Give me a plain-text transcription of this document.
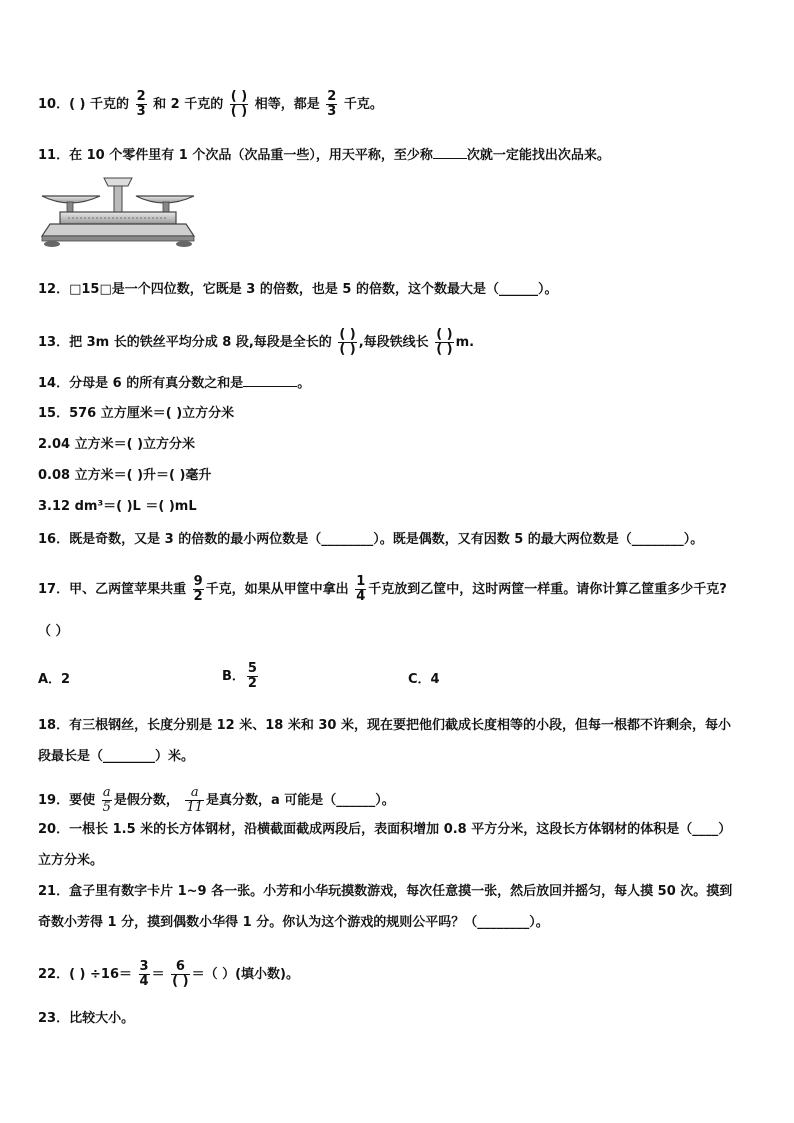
10．( ) 千克的 $\frac{2}{3}$ 和 2 千克的 $\frac{( )}{( )}$ 相等，都是 $\frac{2}{3}$ 千克。
11．在 10 个零件里有 1 个次品（次品重一些），用天平称，至少称	次就一定能找出次品来。
12．□15□是一个四位数，它既是 3 的倍数，也是 5 的倍数，这个数最大是（______）。
13．把 3m 长的铁丝平均分成 8 段,每段是全长的 $\frac{( )}{( )}$ ,每段铁线长 $\frac{( )}{( )} m$.
14．分母是 6 的所有真分数之和是	。
15．576 立方厘米＝( )立方分米
2.04 立方米＝( )立方分米
0.08 立方米＝( )升＝( )毫升
3.12 dm³＝( )L ＝( )mL
16．既是奇数，又是 3 的倍数的最小两位数是（________）。既是偶数，又有因数 5 的最大两位数是（________）。
17．甲、乙两筐苹果共重 $\frac{9}{2}$ 千克，如果从甲筐中拿出 $\frac{1}{4}$ 千克放到乙筐中，这时两筐一样重。请你计算乙筐重多少千克?
（ ）
A．2	B． $\frac{5}{2}$	C．4
18．有三根钢丝，长度分别是 12 米、18 米和 30 米，现在要把他们截成长度相等的小段，但每一根都不许剩余，每小
段最长是（________）米。
19．要使 $\frac{a}{5}$ 是假分数， $\frac{a}{11}$ 是真分数，a 可能是（______）。
20．一根长 1.5 米的长方体钢材，沿横截面截成两段后，表面积增加 0.8 平方分米，这段长方体钢材的体积是（____）
立方分米。
21．盒子里有数字卡片 1~9 各一张。小芳和小华玩摸数游戏，每次任意摸一张，然后放回并摇匀，每人摸 50 次。摸到
奇数小芳得 1 分，摸到偶数小华得 1 分。你认为这个游戏的规则公平吗？（________）。
22．( ) $\div 16= \frac{3}{4} = \frac{6}{( )}$ ＝（ ）(填小数)。
23．比较大小。
